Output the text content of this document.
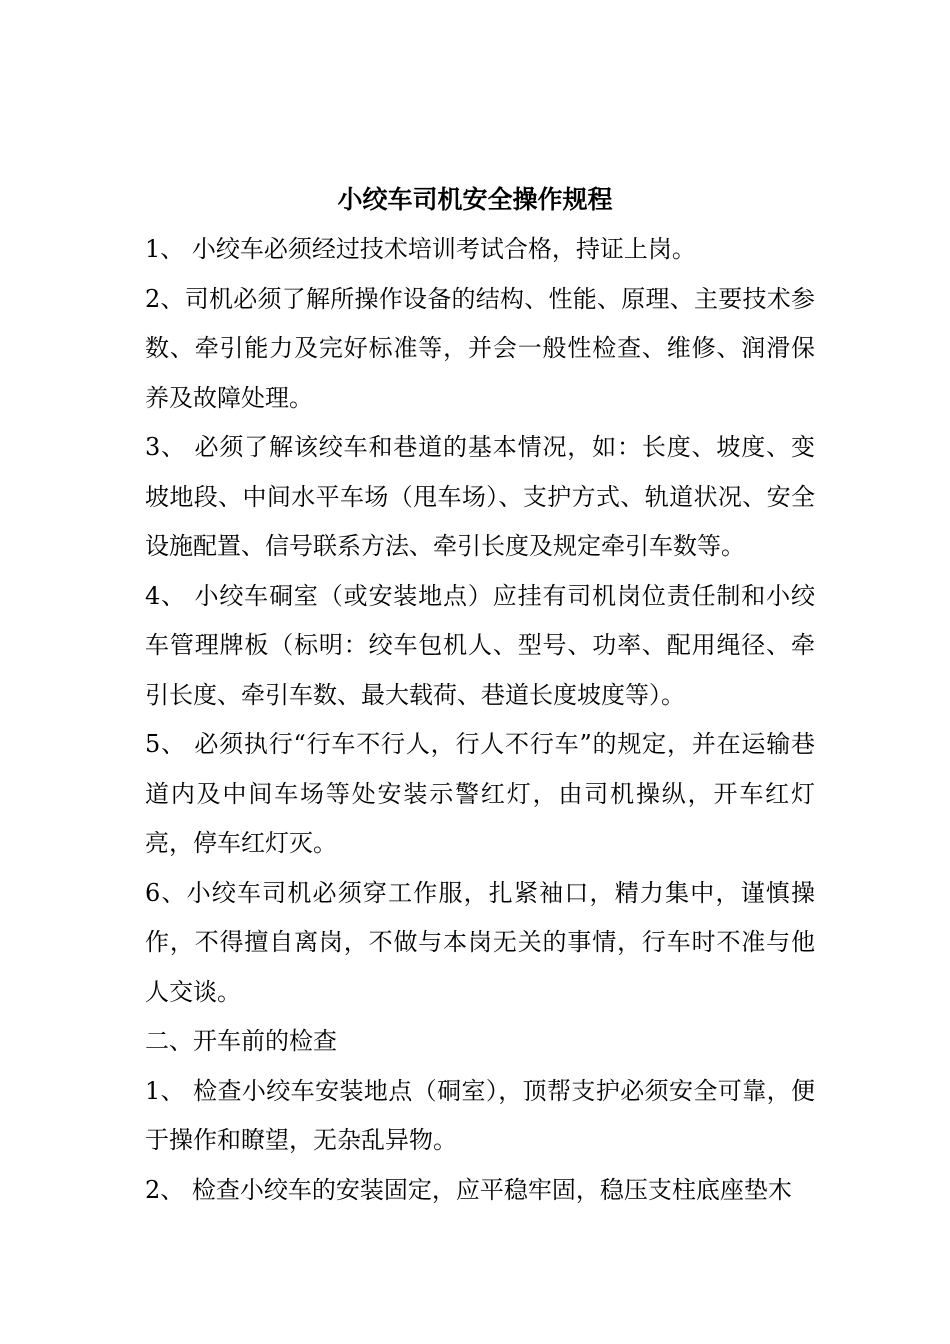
小绞车司机安全操作规程

1、 小绞车必须经过技术培训考试合格，持证上岗。

2、司机必须了解所操作设备的结构、性能、原理、主要技术参数、牵引能力及完好标准等，并会一般性检查、维修、润滑保养及故障处理。

3、 必须了解该绞车和巷道的基本情况，如：长度、坡度、变坡地段、中间水平车场（甩车场）、支护方式、轨道状况、安全设施配置、信号联系方法、牵引长度及规定牵引车数等。

4、 小绞车硐室（或安装地点）应挂有司机岗位责任制和小绞车管理牌板（标明：绞车包机人、型号、功率、配用绳径、牵引长度、牵引车数、最大载荷、巷道长度坡度等）。

5、 必须执行“行车不行人，行人不行车”的规定，并在运输巷道内及中间车场等处安装示警红灯，由司机操纵，开车红灯亮，停车红灯灭。

6、小绞车司机必须穿工作服，扎紧袖口，精力集中，谨慎操作，不得擅自离岗，不做与本岗无关的事情，行车时不准与他人交谈。

二、开车前的检查

1、 检查小绞车安装地点（硐室），顶帮支护必须安全可靠，便于操作和瞭望，无杂乱异物。

2、 检查小绞车的安装固定，应平稳牢固，稳压支柱底座垫木
